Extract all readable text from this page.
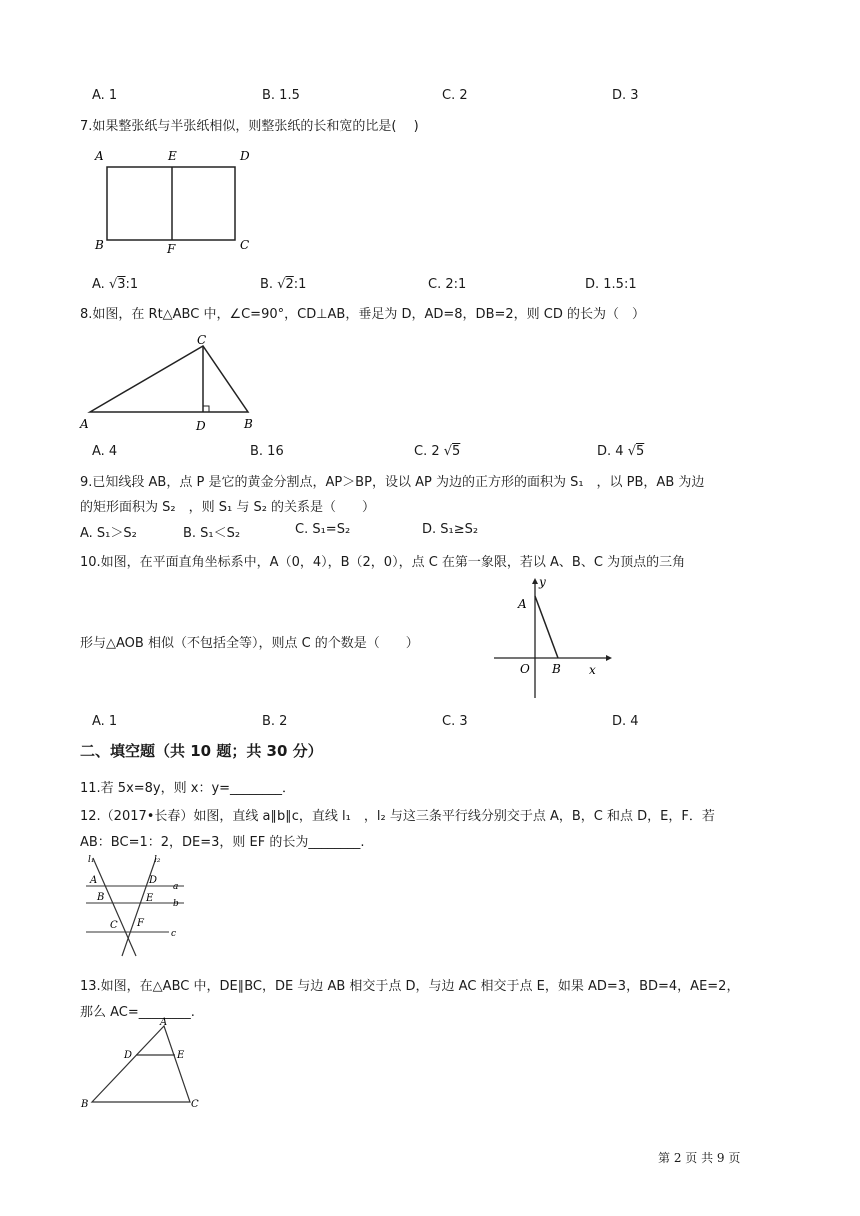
A. 1	B. 1.5	C. 2	D. 3
7.如果整张纸与半张纸相似，则整张纸的长和宽的比是(　 )
A	E	D
B	F	C
A. √3:1	B. √2:1	C. 2:1	D. 1.5:1
8.如图，在 Rt△ABC 中，∠C=90°，CD⊥AB，垂足为 D，AD=8，DB=2，则 CD 的长为（　）
A
C
D	B
A. 4	B. 16	C. 2 √5	D. 4 √5
9.已知线段 AB，点 P 是它的黄金分割点，AP＞BP，设以 AP 为边的正方形的面积为 S₁　，以 PB，AB 为边
的矩形面积为 S₂　，则 S₁ 与 S₂ 的关系是（　　）
A. S₁＞S₂	B. S₁＜S₂	C. S₁=S₂	D. S₁≥S₂
10.如图，在平面直角坐标系中，A（0，4），B（2，0），点 C 在第一象限，若以 A、B、C 为顶点的三角
形与△AOB 相似（不包括全等），则点 C 的个数是（　　）
y
A
O B x
A. 1	B. 2	C. 3	D. 4
二、填空题（共 10 题；共 30 分）
11.若 5x=8y，则 x：y=________．
12.（2017•长春）如图，直线 a∥b∥c，直线 l₁　，l₂ 与这三条平行线分别交于点 A，B，C 和点 D，E，F．若
AB：BC=1：2，DE=3，则 EF 的长为________.
l₁	l₂
A	D
a
B	E b
C F
c
13.如图，在△ABC 中，DE∥BC，DE 与边 AB 相交于点 D，与边 AC 相交于点 E，如果 AD=3，BD=4，AE=2，
那么 AC=________.
A
D	E
B	C
第 2 页 共 9 页
